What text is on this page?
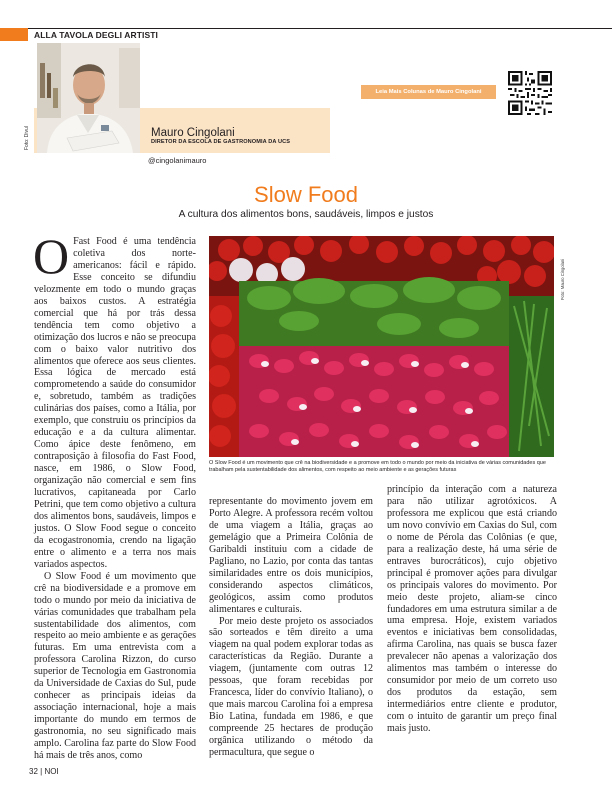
ALLA TAVOLA DEGLI ARTISTI
Foto: Divul	Mauro Cingolani
DIRETOR DA ESCOLA DE GASTRONOMIA DA UCS
@cingolanimauro
Leia Mais Colunas de Mauro Cingolani
Slow Food
A cultura dos alimentos bons, saudáveis, limpos e justos
Foto: Mauro Cingolani
O Slow Food é um movimento que crê na biodiversidade e a promove em todo o mundo por meio da iniciativa de várias comunidades que trabalham pela sustentabilidade dos alimentos, com respeito ao meio ambiente e as gerações futuras

O Fast Food é uma tendência coletiva dos norte-americanos: fácil e rápido. Esse conceito se difundiu velozmente em todo o mundo graças aos baixos custos. A estratégia comercial que há por trás dessa tendência tem como objetivo a otimização dos lucros e não se preocupa com o baixo valor nutritivo dos alimentos que oferece aos seus clientes. Essa lógica de mercado está comprometendo a saúde do consumidor e, sobretudo, também as tradições culinárias dos países, como a Itália, por exemplo, que construiu os princípios da educação e a da cultura alimentar. Como ápice deste fenômeno, em contraposição à filosofia do Fast Food, nasce, em 1986, o Slow Food, organização não comercial e sem fins lucrativos, capitaneada por Carlo Petrini, que tem como objetivo a cultura dos alimentos bons, saudáveis, limpos e justos. O Slow Food segue o conceito da ecogastronomia, crendo na ligação entre o alimento e a terra nos mais variados aspectos.

O Slow Food é um movimento que crê na biodiversidade e a promove em todo o mundo por meio da iniciativa de várias comunidades que trabalham pela sustentabilidade dos alimentos, com respeito ao meio ambiente e as gerações futuras. Em uma entrevista com a professora Carolina Rizzon, do curso superior de Tecnologia em Gastronomia da Universidade de Caxias do Sul, pude conhecer as principais ideias da associação internacional, hoje a mais importante do mundo em termos de gastronomia, no seu significado mais amplo. Carolina faz parte do Slow Food há mais de três anos, como

representante do movimento jovem em Porto Alegre. A professora recém voltou de uma viagem a Itália, graças ao gemelágio que a Primeira Colônia de Garibaldi instituiu com a cidade de Pagliano, no Lazio, por conta das tantas similaridades entre os dois municípios, considerando aspectos climáticos, geológicos, assim como produtos alimentares e culturais.

Por meio deste projeto os associados são sorteados e têm direito a uma viagem na qual podem explorar todas as características da Região. Durante a viagem, (juntamente com outras 12 pessoas, que foram recebidas por Francesca, líder do convívio Italiano), o que mais marcou Carolina foi a empresa Bio Latina, fundada em 1986, e que compreende 25 hectares de produção orgânica utilizando o método da permacultura, que segue o

princípio da interação com a natureza para não utilizar agrotóxicos. A professora me explicou que está criando um novo convívio em Caxias do Sul, com o nome de Pérola das Colônias (e que, para a realização deste, há uma série de entraves burocráticos), cujo objetivo principal é promover ações para divulgar os principais valores do movimento. Por meio deste projeto, aliam-se cinco fundadores em uma estrutura similar a de uma empresa. Hoje, existem variados eventos e iniciativas bem consolidadas, afirma Carolina, nas quais se busca fazer prevalecer não apenas a valorização dos alimentos mas também o interesse do consumidor por meio de um correto uso dos produtos da estação, sem intermediários entre cliente e produtor, com o intuito de garantir um preço final mais justo.

32 | NOI
